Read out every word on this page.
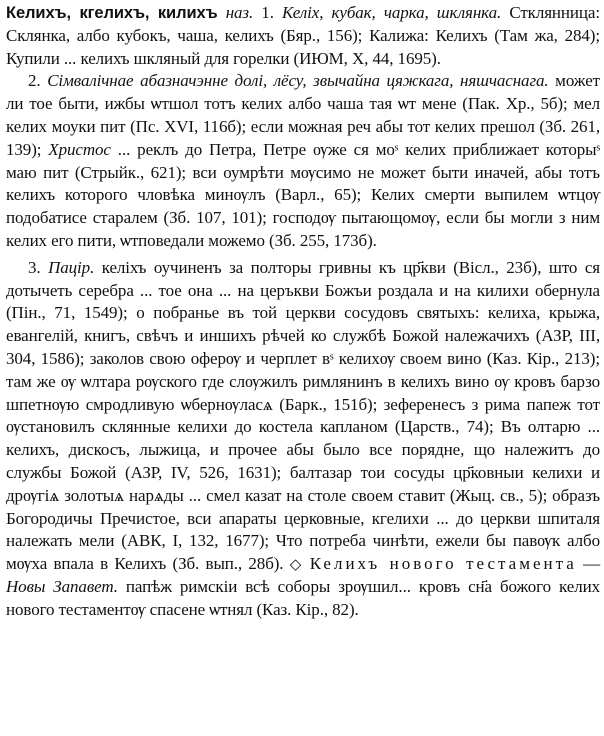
Келихъ, кгелихъ, килихъ наз. 1. Келіх, кубак, чарка, шклянка. Стклянница: Склянка, албо кубокъ, чаша, келихъ (Бяр., 156); Калижа: Келихъ (Там жа, 284); Купили ... келихъ шкляный для горелки (ИЮМ, X, 44, 1695).

2. Сімвалічнае абазначэнне долі, лёсу, звычайна цяжкага, няшчаснага. может ли тое быти, ижбы ѡтшол тотъ келих албо чаша тая ѡт мене (Пак. Хр., 5б); мел келих моуки пит (Пс. XVI, 116б); если можная реч абы тот келих прешол (Зб. 261, 139); Христос ... реклъ до Петра, Петре ѹже ся моˢ келих приближает которыˢ маю пит (Стрыйк., 621); вси оумрѣти мѹсимо не может быти иначей, абы тотъ келихъ которого чловѣка минѹлъ (Варл., 65); Келих смерти выпилем ѡтцѹ подобатисе старалем (Зб. 107, 101); господѹ пытающомѹ, если бы могли з ним келих его пити, ѡтповедали можемо (Зб. 255, 173б).

3. Пацір. келіхъ оучиненъ за полторы гривны къ цр҃кви (Вісл., 23б), што ся дотычеть серебра ... тое она ... на церъкви Божъи роздала и на килихи обернула (Пін., 71, 1549); о побранье въ той церкви сосудовъ святыхъ: келиха, крыжа, евангелій, книгъ, свѣчъ и иншихъ рѣчей ко службѣ Божой належачихъ (АЗР, III, 304, 1586); заколов свою оферѹ и черплет вˢ келихѹ своем вино (Каз. Кір., 213); там же ѹ ѡлтара рѹского где слѹжилъ римлянинъ в келихъ вино ѹ кровъ барзо шпетнѹю смродливую ѡбернѹласѧ (Барк., 151б); зеференесъ з рима папеж тот ѹстановилъ склянные келихи до костела капланом (Царств., 74); Въ олтарю ... келихъ, дискосъ, лыжица, и прочее абы было все порядне, що належитъ до службы Божой (АЗР, IV, 526, 1631); балтазар тои сосуды цр҃ковныи келихи и дрѹгіѧ золотыѧ нарѧды ... смел казат на столе своем ставит (Жыц. св., 5); образъ Богородичы Пречистое, вси апараты церковные, кгелихи ... до церкви шпиталя належать мели (АВК, I, 132, 1677); Что потреба чинѣти, ежели бы павѹк албо мѹха впала в Келихъ (Зб. вып., 28б). ◇ Келихъ нового тестамента — Новы Запавет. папѣж римскіи всѣ соборы зрѹшил... кровъ сн҃а божого келих нового тестаментѹ спасене ѡтнял (Каз. Кір., 82).
